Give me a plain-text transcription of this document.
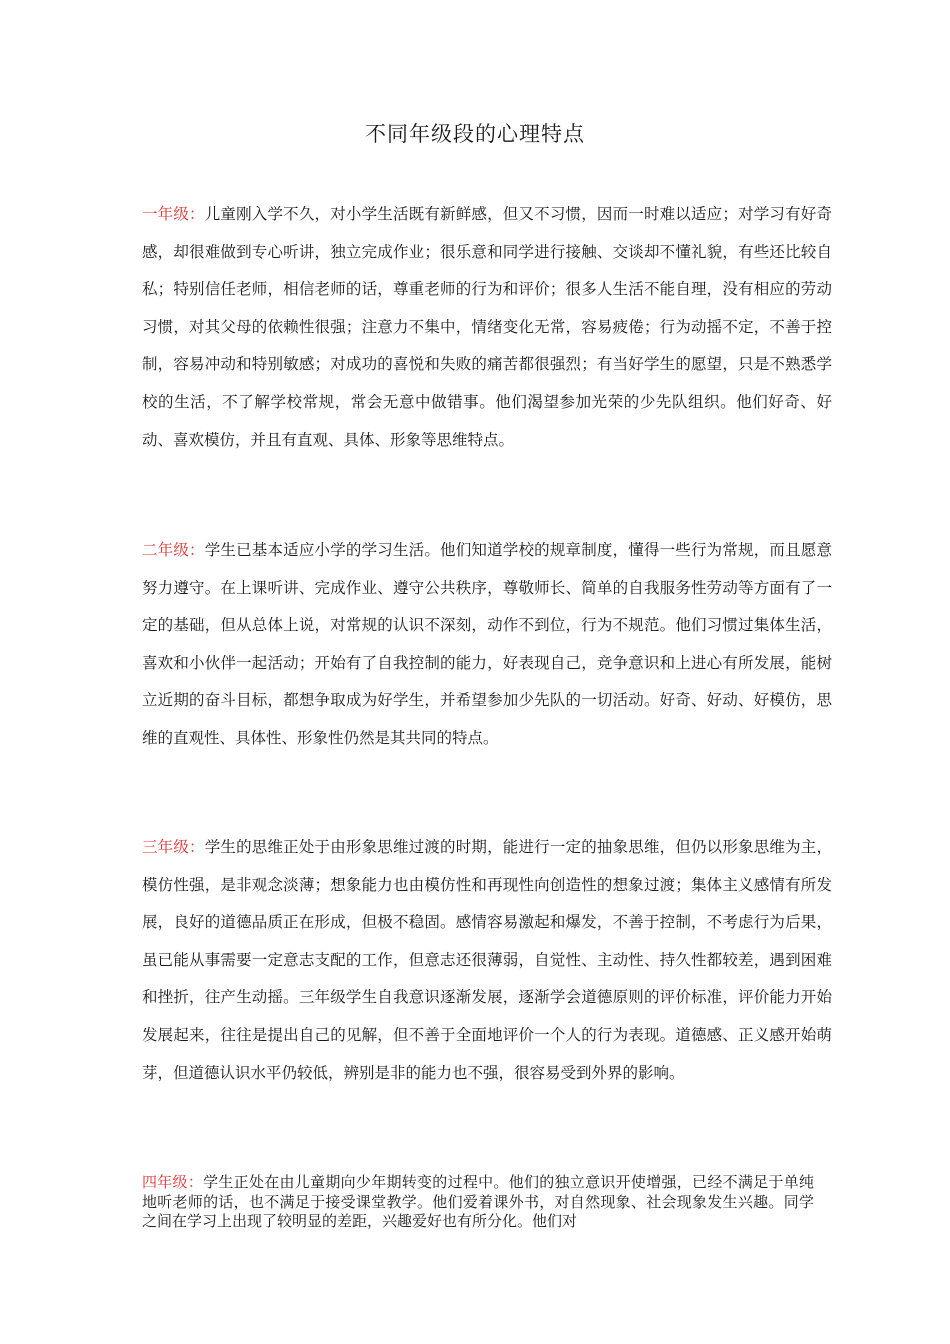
不同年级段的心理特点

一年级：儿童刚入学不久，对小学生活既有新鲜感，但又不习惯，因而一时难以适应；对学习有好奇感，却很难做到专心听讲，独立完成作业；很乐意和同学进行接触、交谈却不懂礼貌，有些还比较自私；特别信任老师，相信老师的话，尊重老师的行为和评价；很多人生活不能自理，没有相应的劳动习惯，对其父母的依赖性很强；注意力不集中，情绪变化无常，容易疲倦；行为动摇不定，不善于控制，容易冲动和特别敏感；对成功的喜悦和失败的痛苦都很强烈；有当好学生的愿望，只是不熟悉学校的生活，不了解学校常规，常会无意中做错事。他们渴望参加光荣的少先队组织。他们好奇、好动、喜欢模仿，并且有直观、具体、形象等思维特点。

二年级：学生已基本适应小学的学习生活。他们知道学校的规章制度，懂得一些行为常规，而且愿意努力遵守。在上课听讲、完成作业、遵守公共秩序，尊敬师长、简单的自我服务性劳动等方面有了一定的基础，但从总体上说，对常规的认识不深刻，动作不到位，行为不规范。他们习惯过集体生活，喜欢和小伙伴一起活动；开始有了自我控制的能力，好表现自己，竞争意识和上进心有所发展，能树立近期的奋斗目标，都想争取成为好学生，并希望参加少先队的一切活动。好奇、好动、好模仿，思维的直观性、具体性、形象性仍然是其共同的特点。

三年级：学生的思维正处于由形象思维过渡的时期，能进行一定的抽象思维，但仍以形象思维为主，模仿性强，是非观念淡薄；想象能力也由模仿性和再现性向创造性的想象过渡；集体主义感情有所发展，良好的道德品质正在形成，但极不稳固。感情容易激起和爆发，不善于控制，不考虑行为后果，虽已能从事需要一定意志支配的工作，但意志还很薄弱，自觉性、主动性、持久性都较差，遇到困难和挫折，往产生动摇。三年级学生自我意识逐渐发展，逐渐学会道德原则的评价标准，评价能力开始发展起来，往往是提出自己的见解，但不善于全面地评价一个人的行为表现。道德感、正义感开始萌芽，但道德认识水平仍较低，辨别是非的能力也不强，很容易受到外界的影响。

四年级：学生正处在由儿童期向少年期转变的过程中。他们的独立意识开使增强，已经不满足于单纯地听老师的话，也不满足于接受课堂教学。他们爱着课外书，对自然现象、社会现象发生兴趣。同学之间在学习上出现了较明显的差距，兴趣爱好也有所分化。他们对
